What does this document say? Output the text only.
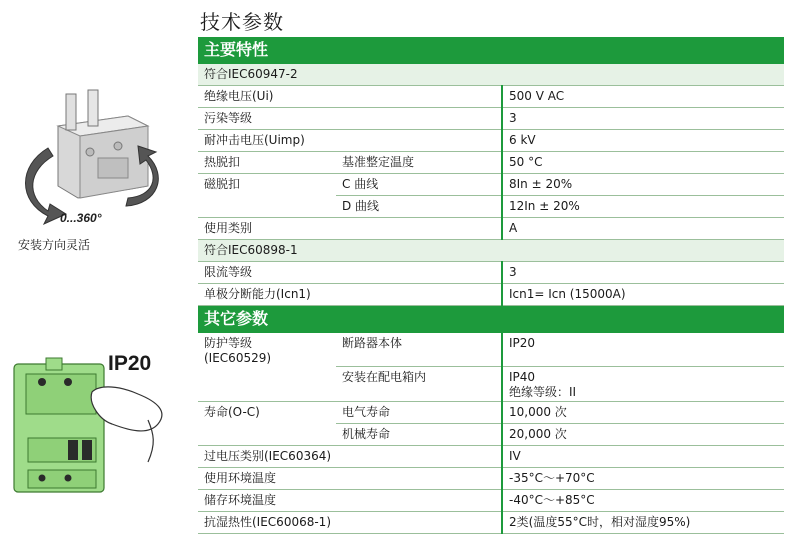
0...360°
安装方向灵活
IP20
技术参数
主要特性		
符合IEC60947-2		
绝缘电压(Ui)		500 V AC
污染等级		3
耐冲击电压(Uimp)		6 kV
热脱扣	基准整定温度	50 °C
磁脱扣	C 曲线	8In ± 20%
	D 曲线	12In ± 20%
使用类别		A
符合IEC60898-1		
限流等级		3
单极分断能力(Icn1)		Icn1= Icn (15000A)
其它参数		

防护等级
(IEC60529)	断路器本体	IP20
	安装在配电箱内	IP40
绝缘等级：II

寿命(O-C)	电气寿命	10,000 次
	机械寿命	20,000 次
过电压类别(IEC60364)		IV
使用环境温度		-35°C～+70°C
储存环境温度		-40°C～+85°C
抗湿热性(IEC60068-1)		2类(温度55°C时，相对湿度95%)
